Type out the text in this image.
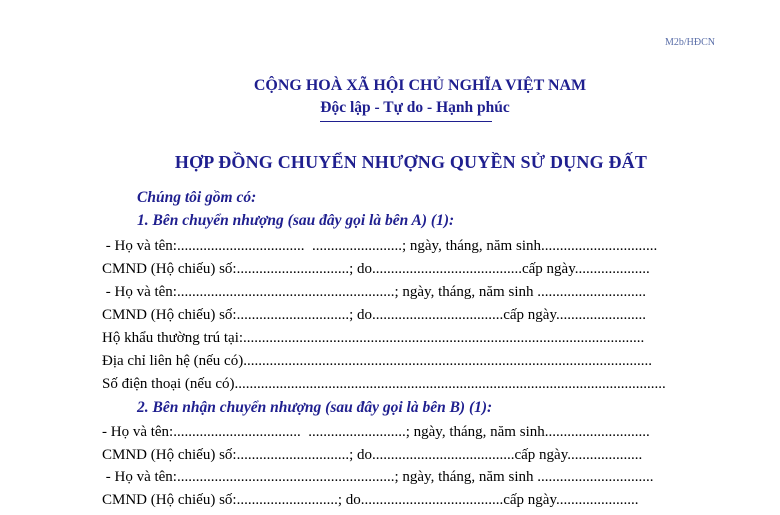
M2b/HĐCN
CỘNG HOÀ XÃ HỘI CHỦ NGHĨA VIỆT NAM
Độc lập - Tự do - Hạnh phúc
HỢP ĐỒNG CHUYỂN NHƯỢNG QUYỀN SỬ DỤNG ĐẤT
Chúng tôi gồm có:
1. Bên chuyển nhượng (sau đây gọi là bên A) (1):
- Họ và tên:..................................  ........................; ngày, tháng, năm sinh...............................
CMND (Hộ chiếu) số:..............................; do........................................cấp ngày....................
- Họ và tên:..........................................................; ngày, tháng, năm sinh .............................
CMND (Hộ chiếu) số:..............................; do...................................cấp ngày........................
Hộ khẩu thường trú tại:...........................................................................................................
Địa chỉ liên hệ (nếu có).............................................................................................................
Số điện thoại (nếu có)...................................................................................................................
2. Bên nhận chuyển nhượng (sau đây gọi là bên B) (1):
- Họ và tên:..................................  ..........................; ngày, tháng, năm sinh............................
CMND (Hộ chiếu) số:..............................; do......................................cấp ngày....................
- Họ và tên:..........................................................; ngày, tháng, năm sinh ...............................
CMND (Hộ chiếu) số:...........................; do......................................cấp ngày......................
